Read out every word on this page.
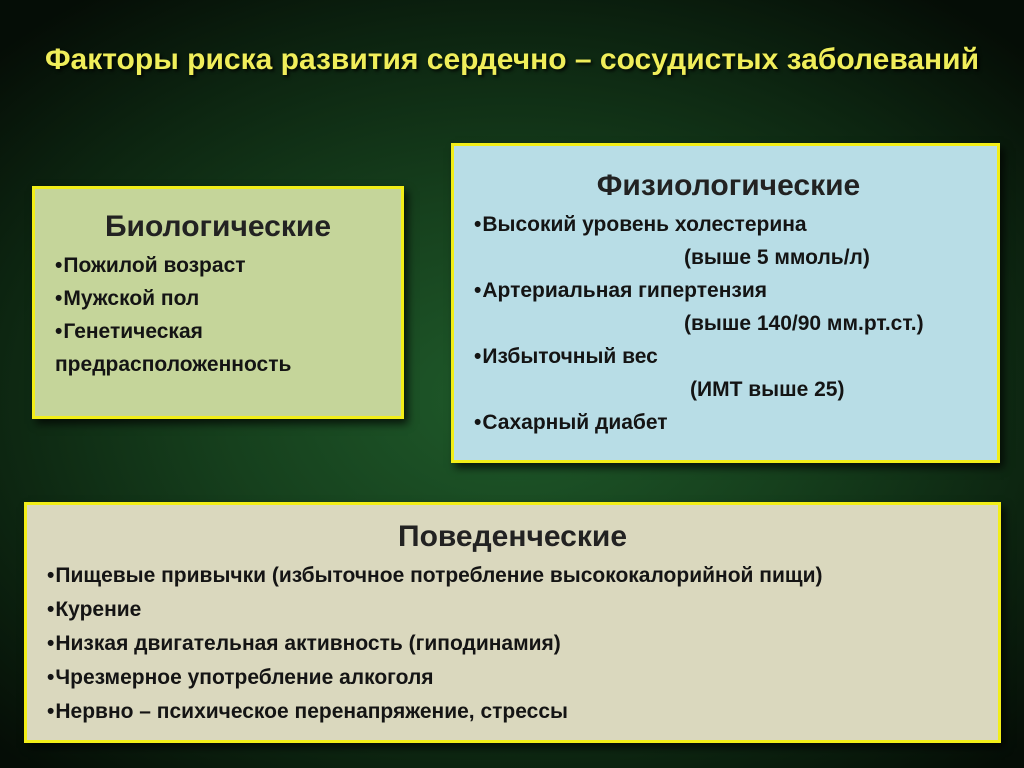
Факторы риска развития сердечно – сосудистых заболеваний
Биологические
•Пожилой возраст
•Мужской пол
•Генетическая предрасположенность
Физиологические
•Высокий уровень холестерина
(выше 5 ммоль/л)
•Артериальная гипертензия
(выше 140/90 мм.рт.ст.)
•Избыточный вес
(ИМТ выше 25)
•Сахарный диабет
Поведенческие
•Пищевые привычки (избыточное потребление высококалорийной пищи)
•Курение
•Низкая двигательная активность (гиподинамия)
•Чрезмерное употребление алкоголя
•Нервно – психическое перенапряжение, стрессы
